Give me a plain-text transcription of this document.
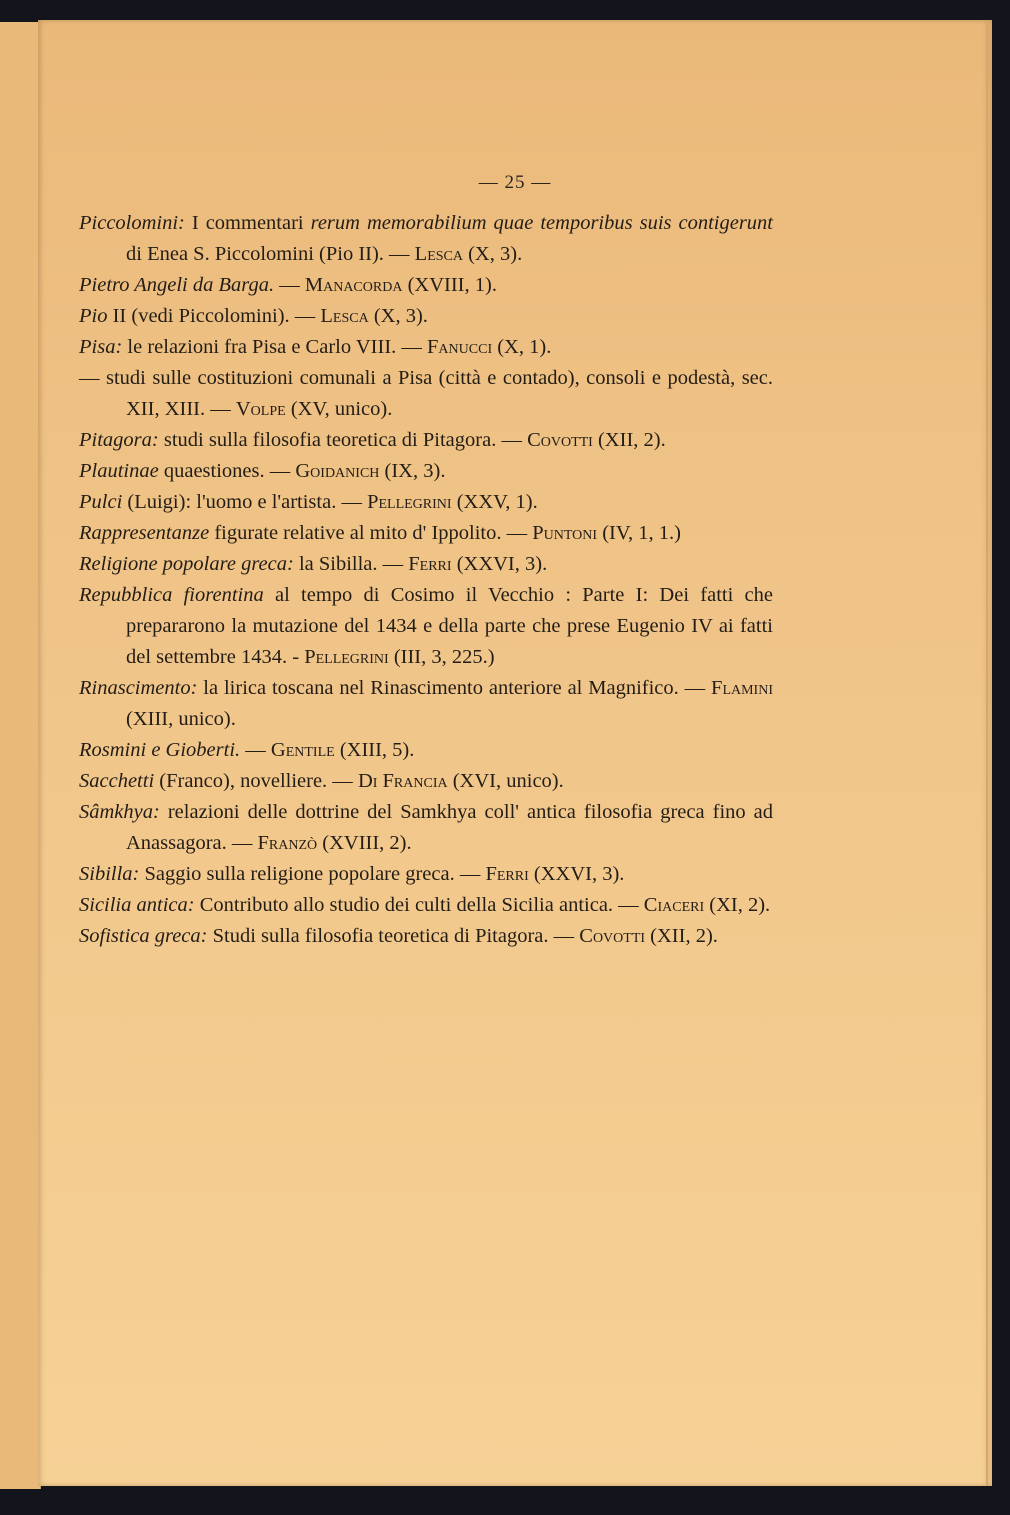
— 25 —

Piccolomini: I commentari rerum memorabilium quae temporibus suis contigerunt di Enea S. Piccolomini (Pio II). — Lesca (X, 3).

Pietro Angeli da Barga. — Manacorda (XVIII, 1).

Pio II (vedi Piccolomini). — Lesca (X, 3).

Pisa: le relazioni fra Pisa e Carlo VIII. — Fanucci (X, 1).

— studi sulle costituzioni comunali a Pisa (città e contado), consoli e podestà, sec. XII, XIII. — Volpe (XV, unico).

Pitagora: studi sulla filosofia teoretica di Pitagora. — Covotti (XII, 2).

Plautinae quaestiones. — Goidanich (IX, 3).

Pulci (Luigi): l'uomo e l'artista. — Pellegrini (XXV, 1).

Rappresentanze figurate relative al mito d' Ippolito. — Puntoni (IV, 1, 1.)

Religione popolare greca: la Sibilla. — Ferri (XXVI, 3).

Repubblica fiorentina al tempo di Cosimo il Vecchio : Parte I: Dei fatti che prepararono la mutazione del 1434 e della parte che prese Eugenio IV ai fatti del settembre 1434. - Pellegrini (III, 3, 225.)

Rinascimento: la lirica toscana nel Rinascimento anteriore al Magnifico. — Flamini (XIII, unico).

Rosmini e Gioberti. — Gentile (XIII, 5).

Sacchetti (Franco), novelliere. — Di Francia (XVI, unico).

Sâmkhya: relazioni delle dottrine del Samkhya coll' antica filosofia greca fino ad Anassagora. — Franzò (XVIII, 2).

Sibilla: Saggio sulla religione popolare greca. — Ferri (XXVI, 3).

Sicilia antica: Contributo allo studio dei culti della Sicilia antica. — Ciaceri (XI, 2).

Sofistica greca: Studi sulla filosofia teoretica di Pitagora. — Covotti (XII, 2).
